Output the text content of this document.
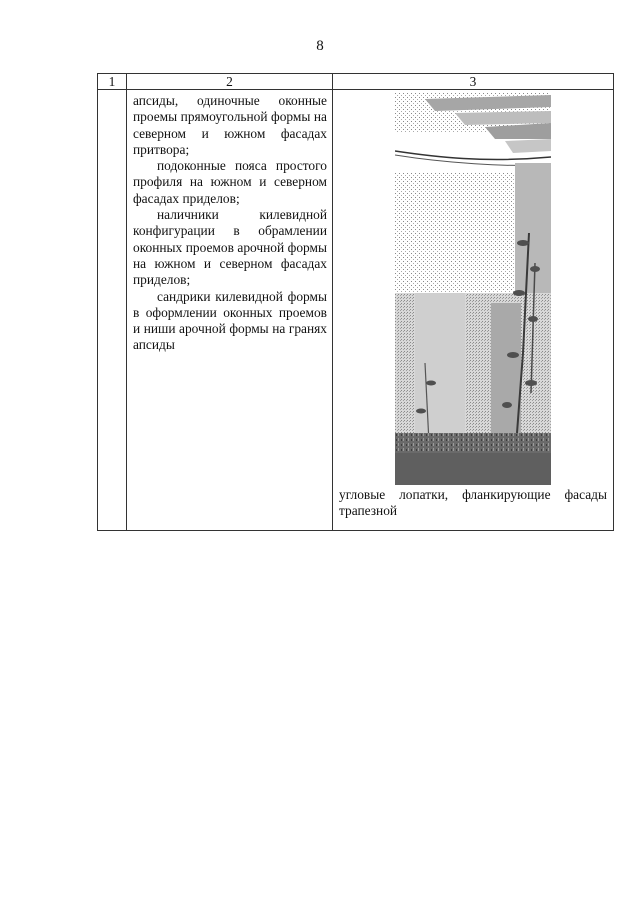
8
1	2	3

	апсиды, одиночные оконные проемы прямоугольной формы на северном и южном фасадах притвора;

подоконные пояса простого профиля на южном и северном фасадах приделов;

наличники килевидной конфигурации в обрамлении оконных проемов арочной формы на южном и северном фасадах приделов;

сандрики килевидной формы в оформлении оконных проемов и ниши арочной формы на гранях апсиды	угловые лопатки, фланкирующие фасады трапезной
